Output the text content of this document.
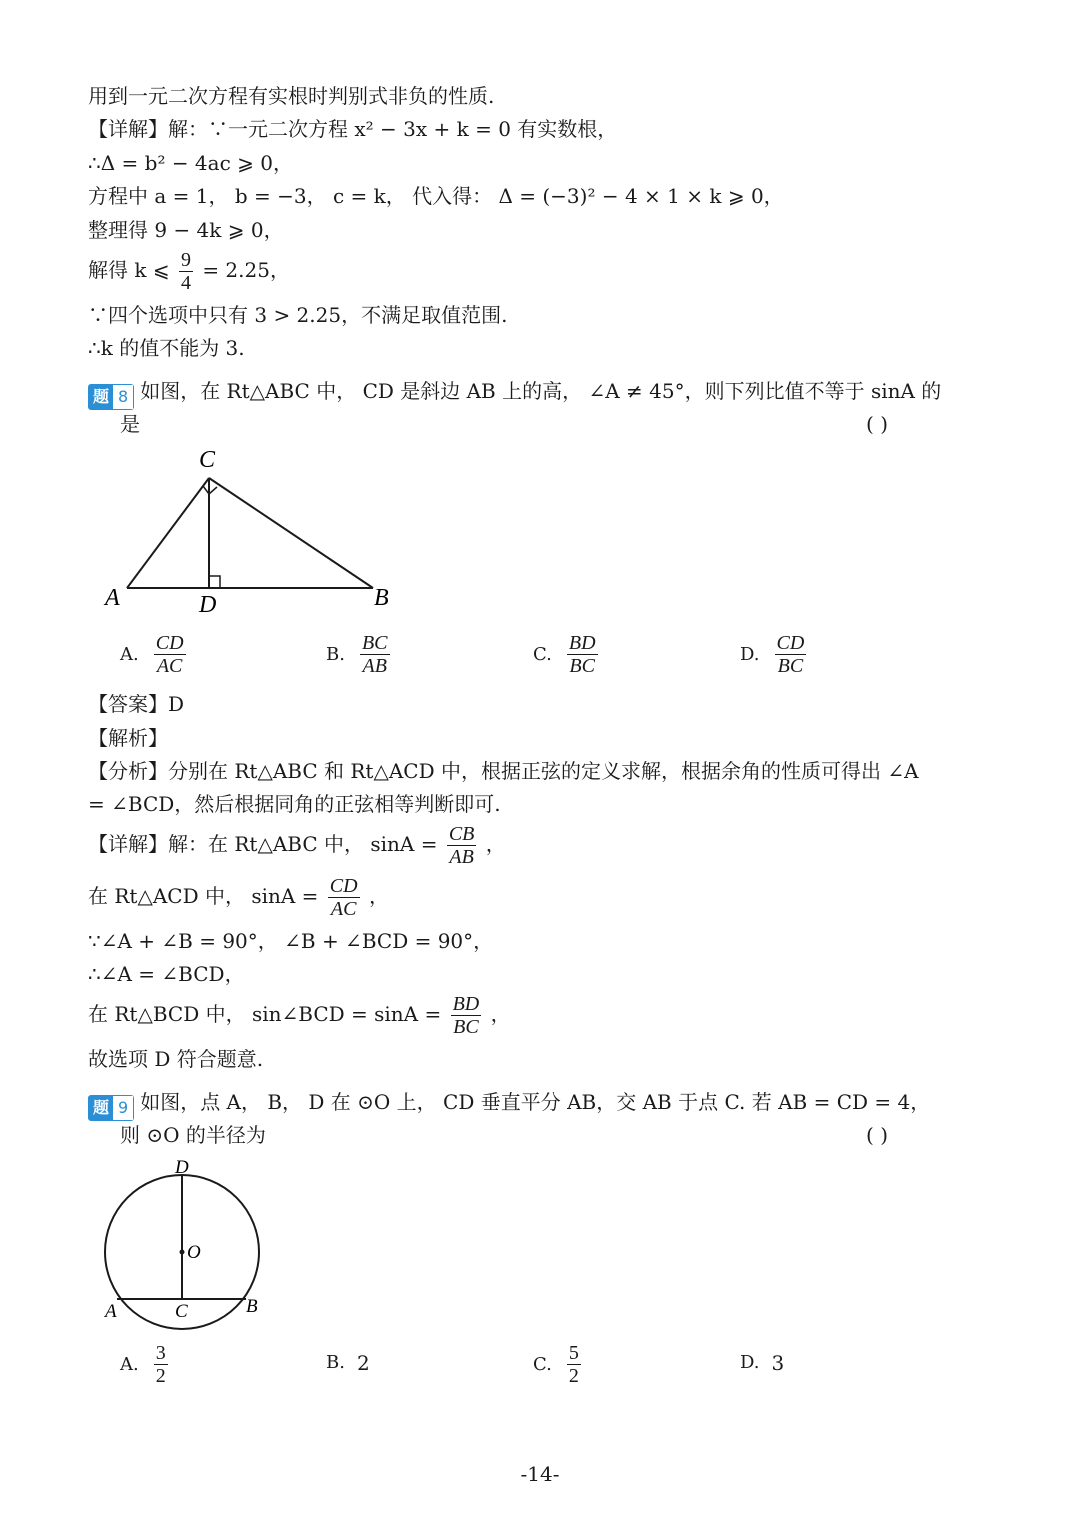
用到一元二次方程有实根时判别式非负的性质.
【详解】解：∵一元二次方程 x² − 3x + k = 0 有实数根，
∴Δ = b² − 4ac ⩾ 0，
方程中 a = 1， b = −3， c = k， 代入得： Δ = (−3)² − 4 × 1 × k ⩾ 0，
整理得 9 − 4k ⩾ 0，
解得 k ⩽ $\frac{9}{4} = 2.25$，
∵四个选项中只有 3 > 2.25，不满足取值范围.
∴k 的值不能为 3.
题 8 如图，在 Rt△ABC 中， CD 是斜边 AB 上的高， ∠A ≠ 45°，则下列比值不等于 sinA 的
是	( )
C
A	D	B
A. $\frac{CD}{AC}$	B. $\frac{BC}{AB}$	C. $\frac{BD}{BC}$	D. $\frac{CD}{BC}$
【答案】D
【解析】
【分析】分别在 Rt△ABC 和 Rt△ACD 中，根据正弦的定义求解，根据余角的性质可得出 ∠A
= ∠BCD，然后根据同角的正弦相等判断即可.
【详解】解：在 Rt△ABC 中， $\sin A = \frac{CB}{AB}$ ，
在 Rt△ACD 中， $\sin A = \frac{CD}{AC}$ ，
∵∠A + ∠B = 90°， ∠B + ∠BCD = 90°，
∴∠A = ∠BCD，
在 Rt△BCD 中， sin∠BCD = $\sin A = \frac{BD}{BC}$ ，
故选项 D 符合题意.
题 9 如图，点 A， B， D 在 ⊙O 上， CD 垂直平分 AB，交 AB 于点 C. 若 AB = CD = 4，
则 ⊙O 的半径为	( )
D
O
A	C	B
A. $\frac{3}{2}$	B. 2	C. $\frac{5}{2}$	D. 3
-14-
